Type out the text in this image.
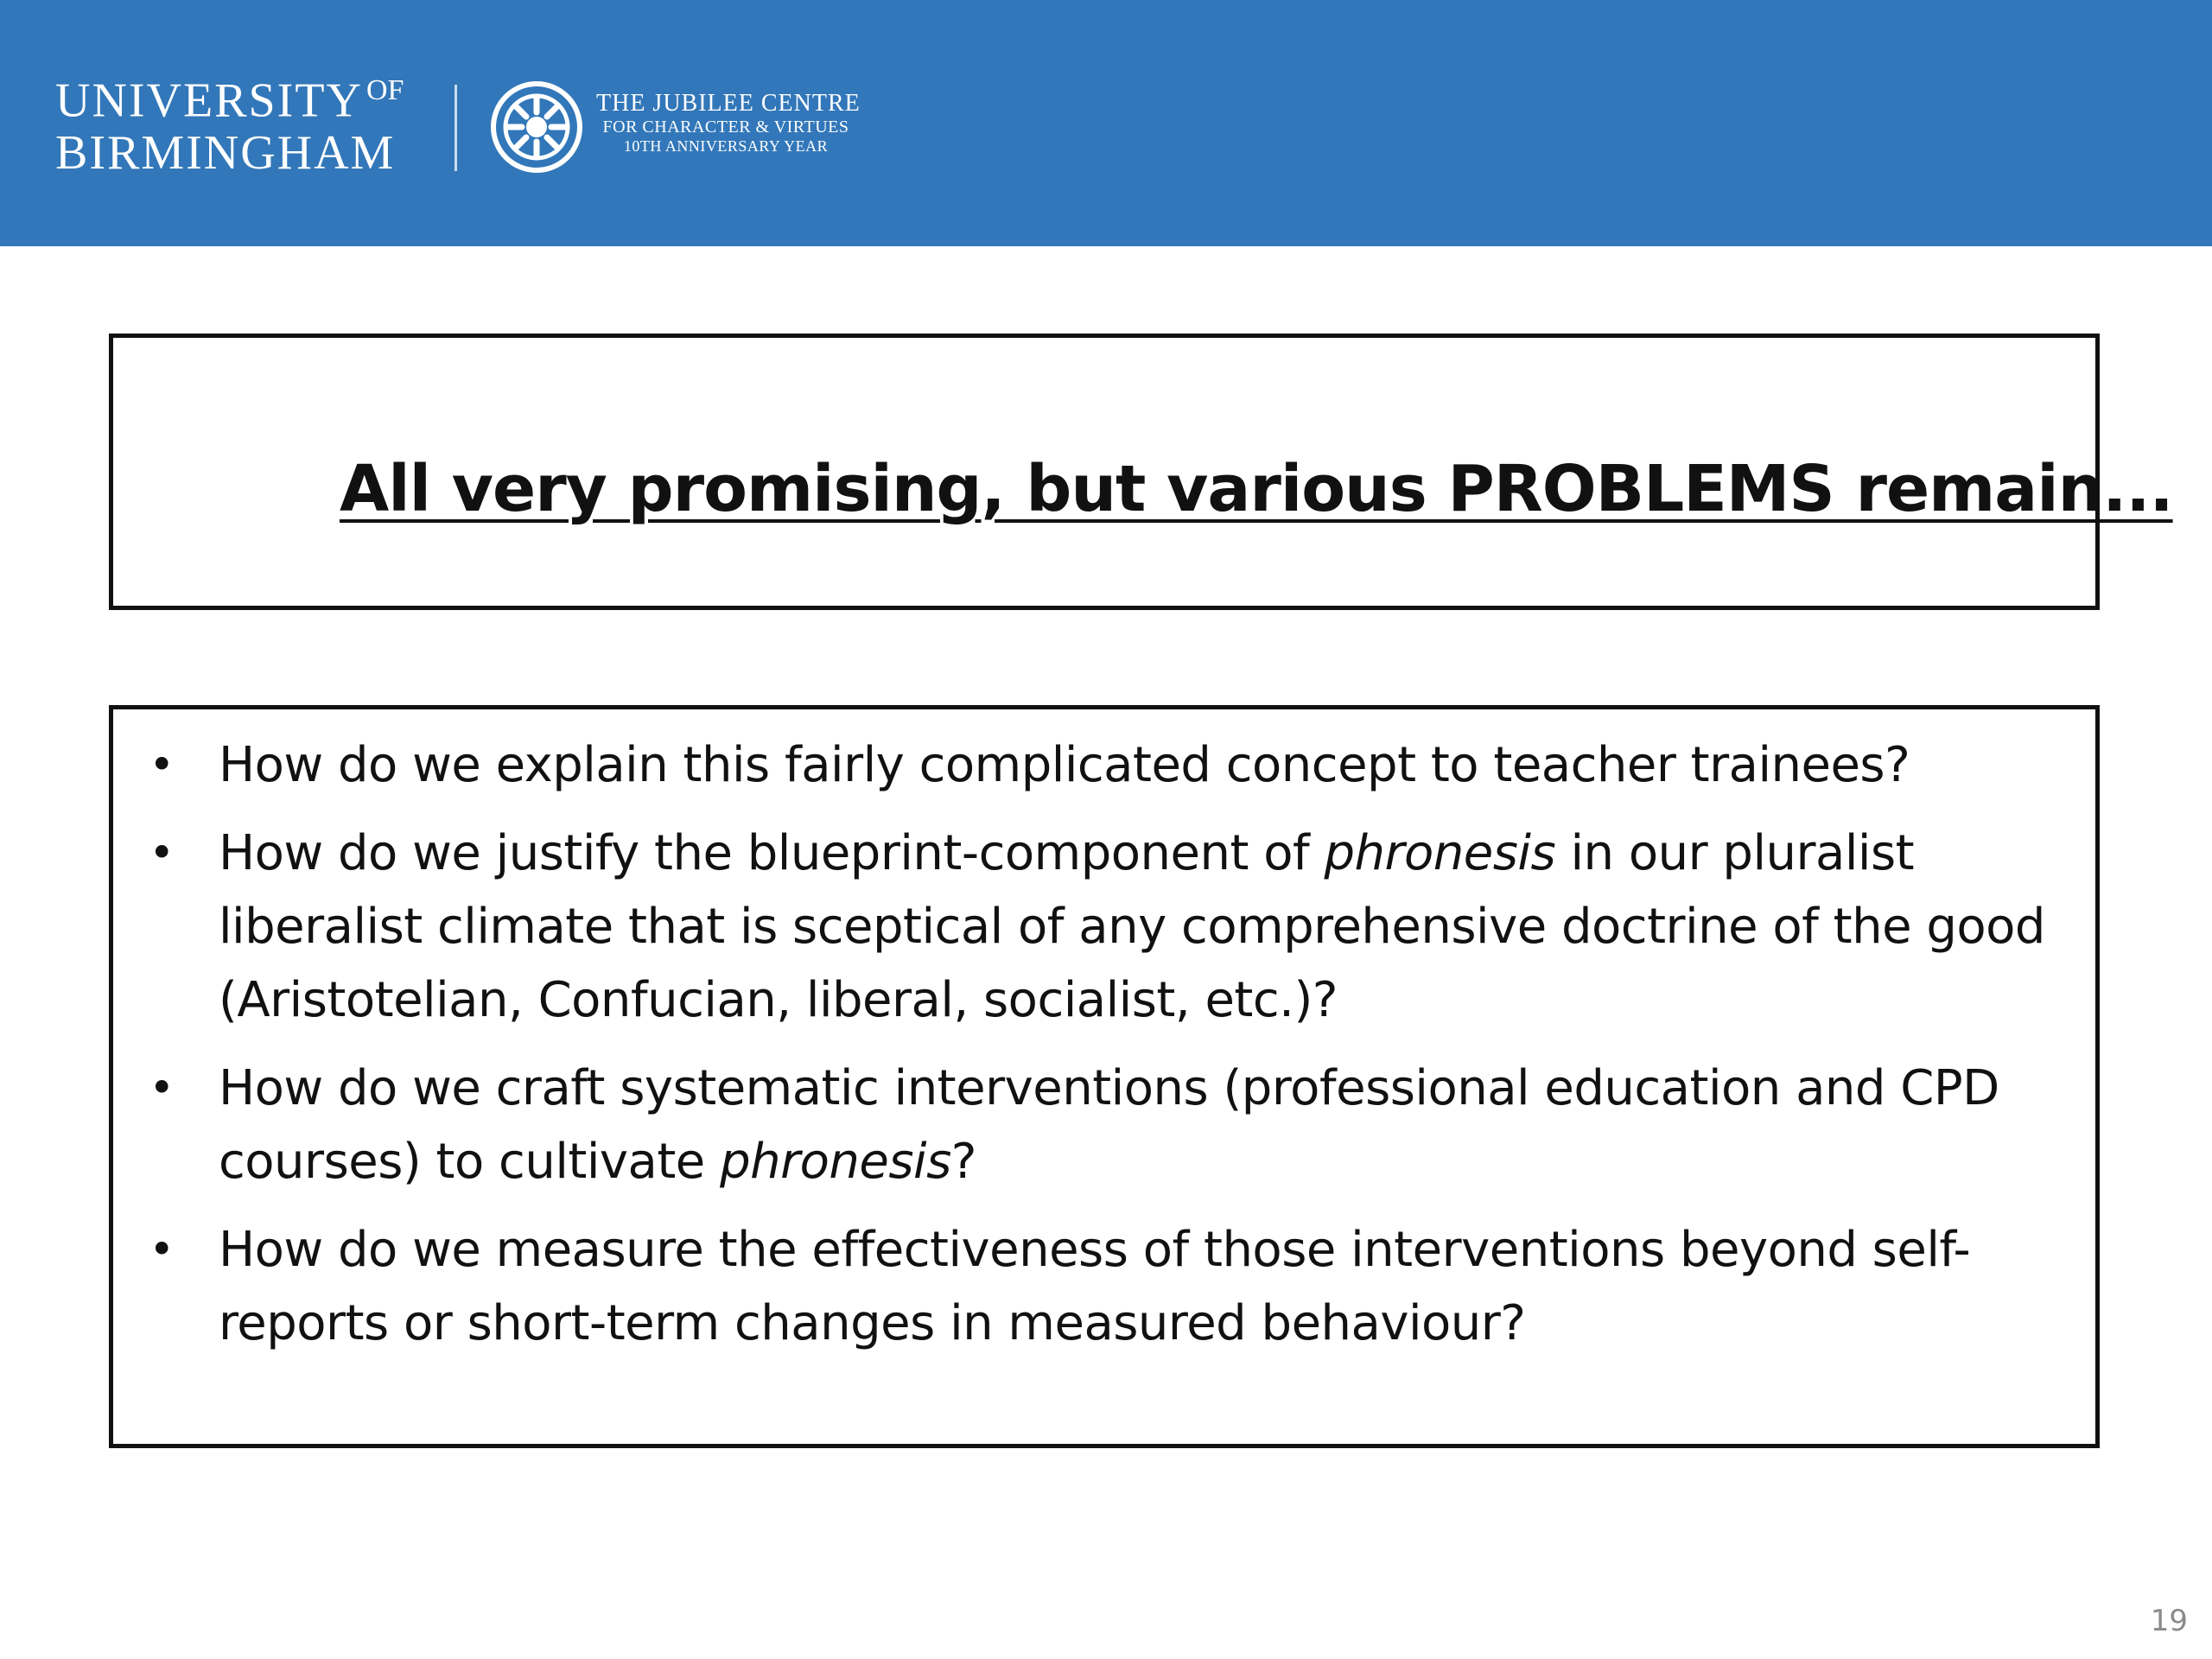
UNIVERSITY $^{OF}$
BIRMINGHAM
THE JUBILEE CENTRE
FOR CHARACTER & VIRTUES
10TH ANNIVERSARY YEAR
All very promising, but various PROBLEMS remain...
• How do we explain this fairly complicated concept to teacher trainees?
• How do we justify the blueprint-component of phronesis in our pluralist liberalist climate that is sceptical of any comprehensive doctrine of the good (Aristotelian, Confucian, liberal, socialist, etc.)?
• How do we craft systematic interventions (professional education and CPD courses) to cultivate phronesis?
• How do we measure the effectiveness of those interventions beyond self-reports or short-term changes in measured behaviour?
19
